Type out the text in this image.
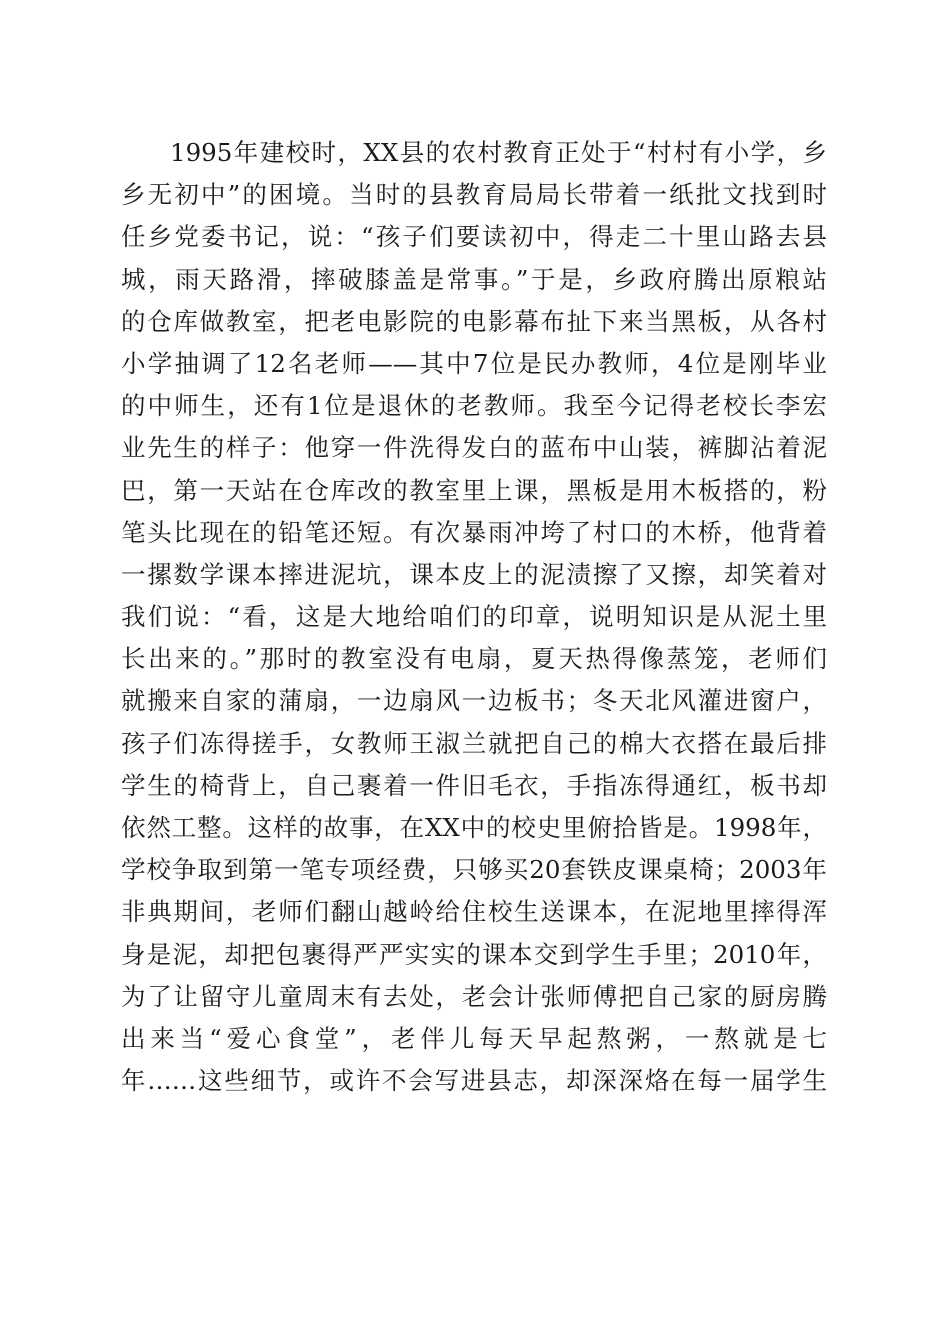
1995年建校时，XX县的农村教育正处于“村村有小学，乡
乡无初中”的困境。当时的县教育局局长带着一纸批文找到时
任乡党委书记，说：“孩子们要读初中，得走二十里山路去县
城，雨天路滑，摔破膝盖是常事。”于是，乡政府腾出原粮站
的仓库做教室，把老电影院的电影幕布扯下来当黑板，从各村
小学抽调了12名老师——其中7位是民办教师，4位是刚毕业
的中师生，还有1位是退休的老教师。我至今记得老校长李宏
业先生的样子：他穿一件洗得发白的蓝布中山装，裤脚沾着泥
巴，第一天站在仓库改的教室里上课，黑板是用木板搭的，粉
笔头比现在的铅笔还短。有次暴雨冲垮了村口的木桥，他背着
一摞数学课本摔进泥坑，课本皮上的泥渍擦了又擦，却笑着对
我们说：“看，这是大地给咱们的印章，说明知识是从泥土里
长出来的。”那时的教室没有电扇，夏天热得像蒸笼，老师们
就搬来自家的蒲扇，一边扇风一边板书；冬天北风灌进窗户，
孩子们冻得搓手，女教师王淑兰就把自己的棉大衣搭在最后排
学生的椅背上，自己裹着一件旧毛衣，手指冻得通红，板书却
依然工整。这样的故事，在XX中的校史里俯拾皆是。1998年，
学校争取到第一笔专项经费，只够买20套铁皮课桌椅；2003年
非典期间，老师们翻山越岭给住校生送课本，在泥地里摔得浑
身是泥，却把包裹得严严实实的课本交到学生手里；2010年，
为了让留守儿童周末有去处，老会计张师傅把自己家的厨房腾
出来当“爱心食堂”，老伴儿每天早起熬粥，一熬就是七
年……这些细节，或许不会写进县志，却深深烙在每一届学生
